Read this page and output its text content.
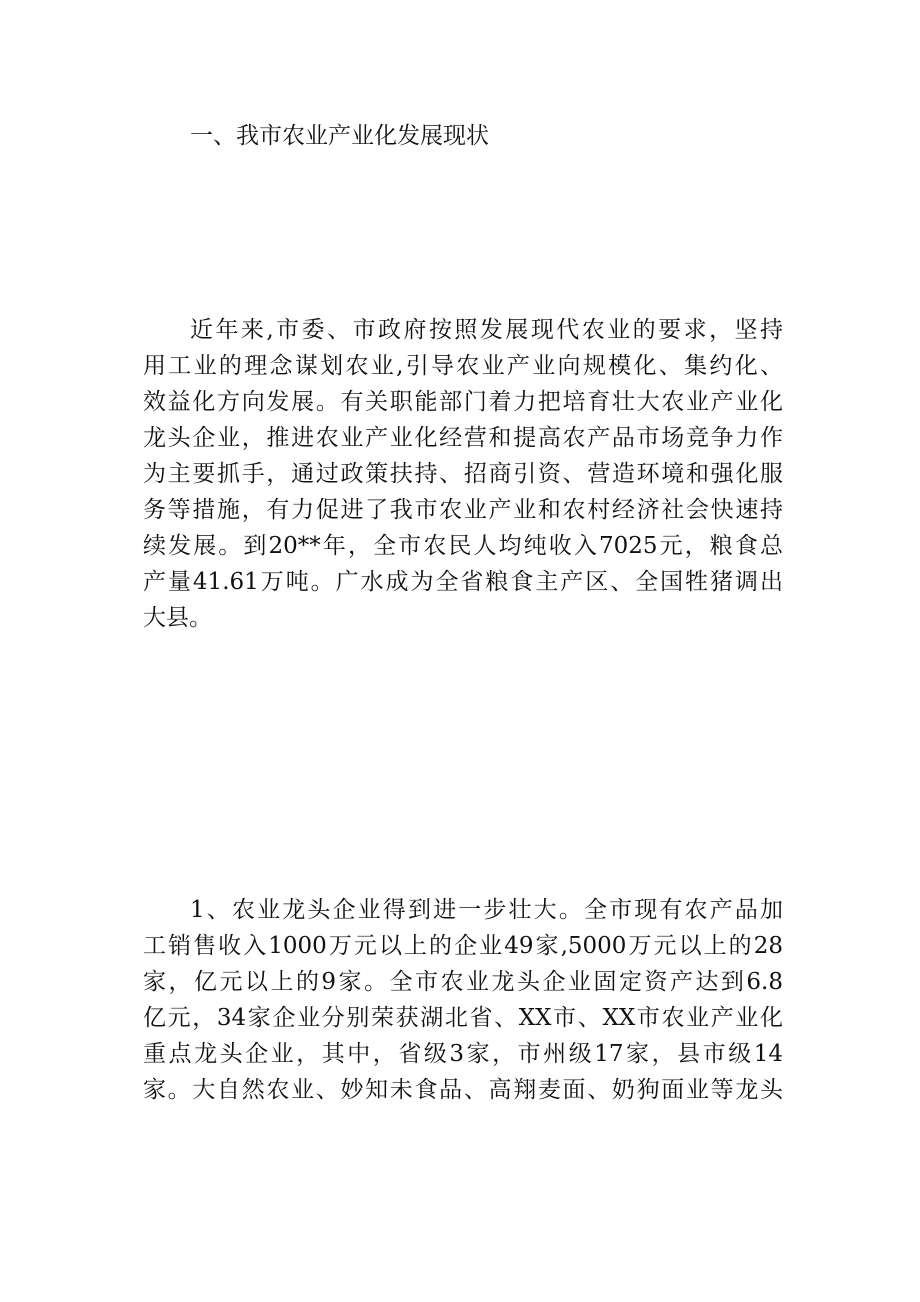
一、我市农业产业化发展现状
近年来,市委、市政府按照发展现代农业的要求，坚持
用工业的理念谋划农业,引导农业产业向规模化、集约化、
效益化方向发展。有关职能部门着力把培育壮大农业产业化
龙头企业，推进农业产业化经营和提高农产品市场竞争力作
为主要抓手，通过政策扶持、招商引资、营造环境和强化服
务等措施，有力促进了我市农业产业和农村经济社会快速持
续发展。到20**年，全市农民人均纯收入7025元，粮食总
产量41.61万吨。广水成为全省粮食主产区、全国牲猪调出
大县。
1、农业龙头企业得到进一步壮大。全市现有农产品加
工销售收入1000万元以上的企业49家,5000万元以上的28
家，亿元以上的9家。全市农业龙头企业固定资产达到6.8
亿元，34家企业分别荣获湖北省、XX市、XX市农业产业化
重点龙头企业，其中，省级3家，市州级17家，县市级14
家。大自然农业、妙知未食品、高翔麦面、奶狗面业等龙头
